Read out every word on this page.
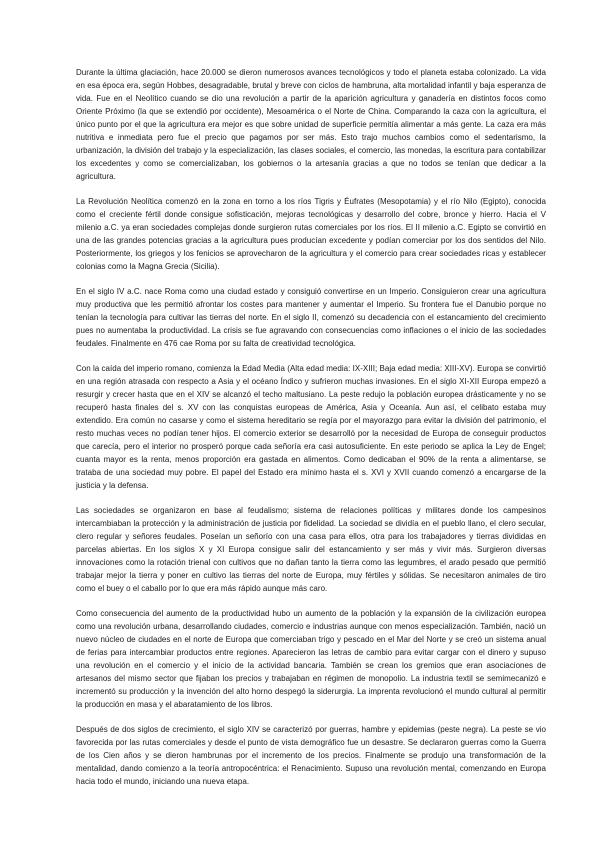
Durante la última glaciación, hace 20.000 se dieron numerosos avances tecnológicos y todo el planeta estaba colonizado. La vida en esa época era, según Hobbes, desagradable, brutal y breve con ciclos de hambruna, alta mortalidad infantil y baja esperanza de vida. Fue en el Neolítico cuando se dio una revolución a partir de la aparición agricultura y ganadería en distintos focos como Oriente Próximo (la que se extendió por occidente), Mesoamérica o el Norte de China. Comparando la caza con la agricultura, el único punto por el que la agricultura era mejor es que sobre unidad de superficie permitía alimentar a más gente. La caza era más nutritiva e inmediata pero fue el precio que pagamos por ser más. Esto trajo muchos cambios como el sedentarismo, la urbanización, la división del trabajo y la especialización, las clases sociales, el comercio, las monedas, la escritura para contabilizar los excedentes y como se comercializaban, los gobiernos o la artesanía gracias a que no todos se tenían que dedicar a la agricultura.

La Revolución Neolítica comenzó en la zona en torno a los ríos Tigris y Éufrates (Mesopotamia) y el río Nilo (Egipto), conocida como el creciente fértil donde consigue sofisticación, mejoras tecnológicas y desarrollo del cobre, bronce y hierro. Hacia el V milenio a.C. ya eran sociedades complejas donde surgieron rutas comerciales por los ríos. El II milenio a.C. Egipto se convirtió en una de las grandes potencias gracias a la agricultura pues producían excedente y podían comerciar por los dos sentidos del Nilo. Posteriormente, los griegos y los fenicios se aprovecharon de la agricultura y el comercio para crear sociedades ricas y establecer colonias como la Magna Grecia (Sicilia).

En el siglo IV a.C. nace Roma como una ciudad estado y consiguió convertirse en un Imperio. Consiguieron crear una agricultura muy productiva que les permitió afrontar los costes para mantener y aumentar el Imperio. Su frontera fue el Danubio porque no tenían la tecnología para cultivar las tierras del norte. En el siglo II, comenzó su decadencia con el estancamiento del crecimiento pues no aumentaba la productividad. La crisis se fue agravando con consecuencias como inflaciones o el inicio de las sociedades feudales. Finalmente en 476 cae Roma por su falta de creatividad tecnológica.

Con la caída del imperio romano, comienza la Edad Media (Alta edad media: IX-XIII; Baja edad media: XIII-XV). Europa se convirtió en una región atrasada con respecto a Asia y el océano Índico y sufrieron muchas invasiones. En el siglo XI-XII Europa empezó a resurgir y crecer hasta que en el XIV se alcanzó el techo maltusiano. La peste redujo la población europea drásticamente y no se recuperó hasta finales del s. XV con las conquistas europeas de América, Asia y Oceanía. Aun así, el celibato estaba muy extendido. Era común no casarse y como el sistema hereditario se regía por el mayorazgo para evitar la división del patrimonio, el resto muchas veces no podían tener hijos. El comercio exterior se desarrolló por la necesidad de Europa de conseguir productos que carecía, pero el interior no prosperó porque cada señoría era casi autosuficiente. En este periodo se aplica la Ley de Engel; cuanta mayor es la renta, menos proporción era gastada en alimentos. Como dedicaban el 90% de la renta a alimentarse, se trataba de una sociedad muy pobre. El papel del Estado era mínimo hasta el s. XVI y XVII cuando comenzó a encargarse de la justicia y la defensa.

Las sociedades se organizaron en base al feudalismo; sistema de relaciones políticas y militares donde los campesinos intercambiaban la protección y la administración de justicia por fidelidad. La sociedad se dividía en el pueblo llano, el clero secular, clero regular y señores feudales. Poseían un señorío con una casa para ellos, otra para los trabajadores y tierras divididas en parcelas abiertas. En los siglos X y XI Europa consigue salir del estancamiento y ser más y vivir más. Surgieron diversas innovaciones como la rotación trienal con cultivos que no dañan tanto la tierra como las legumbres, el arado pesado que permitió trabajar mejor la tierra y poner en cultivo las tierras del norte de Europa, muy fértiles y sólidas. Se necesitaron animales de tiro como el buey o el caballo por lo que era más rápido aunque más caro.

Como consecuencia del aumento de la productividad hubo un aumento de la población y la expansión de la civilización europea como una revolución urbana, desarrollando ciudades, comercio e industrias aunque con menos especialización. También, nació un nuevo núcleo de ciudades en el norte de Europa que comerciaban trigo y pescado en el Mar del Norte y se creó un sistema anual de ferias para intercambiar productos entre regiones. Aparecieron las letras de cambio para evitar cargar con el dinero y supuso una revolución en el comercio y el inicio de la actividad bancaria. También se crean los gremios que eran asociaciones de artesanos del mismo sector que fijaban los precios y trabajaban en régimen de monopolio. La industria textil se semimecanizó e incrementó su producción y la invención del alto horno despegó la siderurgia. La imprenta revolucionó el mundo cultural al permitir la producción en masa y el abaratamiento de los libros.

Después de dos siglos de crecimiento, el siglo XIV se caracterizó por guerras, hambre y epidemias (peste negra). La peste se vio favorecida por las rutas comerciales y desde el punto de vista demográfico fue un desastre. Se declararon guerras como la Guerra de los Cien años y se dieron hambrunas por el incremento de los precios. Finalmente se produjo una transformación de la mentalidad, dando comienzo a la teoría antropocéntrica: el Renacimiento. Supuso una revolución mental, comenzando en Europa hacia todo el mundo, iniciando una nueva etapa.
